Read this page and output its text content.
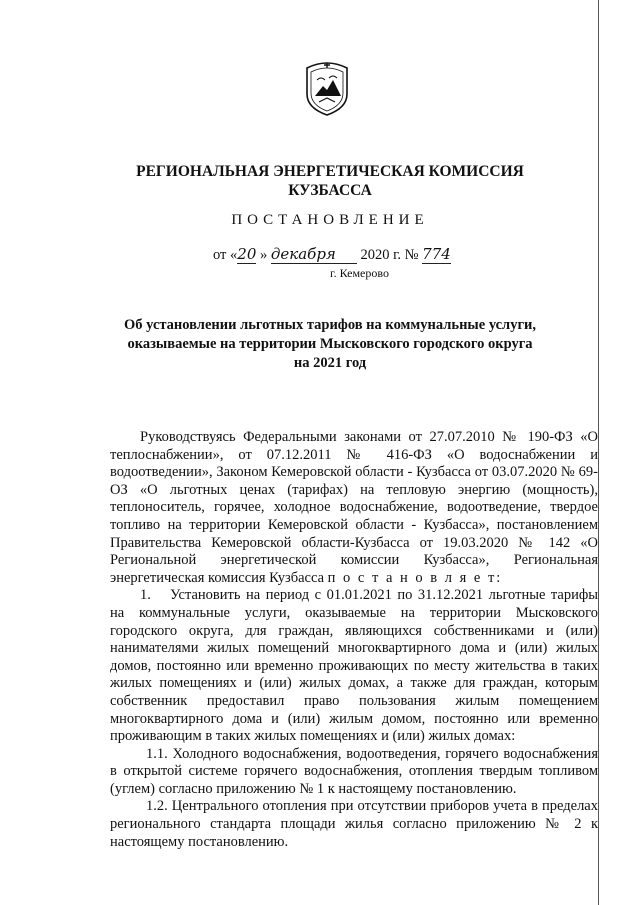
РЕГИОНАЛЬНАЯ ЭНЕРГЕТИЧЕСКАЯ КОМИССИЯ
КУЗБАССА
ПОСТАНОВЛЕНИЕ
от «20 » декабря 2020 г. № 774
г. Кемерово
Об установлении льготных тарифов на коммунальные услуги,
оказываемые на территории Мысковского городского округа
на 2021 год

Руководствуясь Федеральными законами от 27.07.2010 № 190-ФЗ «О теплоснабжении», от 07.12.2011 № 416-ФЗ «О водоснабжении и водоотведении», Законом Кемеровской области - Кузбасса от 03.07.2020 № 69-ОЗ «О льготных ценах (тарифах) на тепловую энергию (мощность), теплоноситель, горячее, холодное водоснабжение, водоотведение, твердое топливо на территории Кемеровской области - Кузбасса», постановлением Правительства Кемеровской области-Кузбасса от 19.03.2020 № 142 «О Региональной энергетической комиссии Кузбасса», Региональная энергетическая комиссия Кузбасса п о с т а н о в л я е т:

1. Установить на период с 01.01.2021 по 31.12.2021 льготные тарифы на коммунальные услуги, оказываемые на территории Мысковского городского округа, для граждан, являющихся собственниками и (или) нанимателями жилых помещений многоквартирного дома и (или) жилых домов, постоянно или временно проживающих по месту жительства в таких жилых помещениях и (или) жилых домах, а также для граждан, которым собственник предоставил право пользования жилым помещением многоквартирного дома и (или) жилым домом, постоянно или временно проживающим в таких жилых помещениях и (или) жилых домах:

1.1. Холодного водоснабжения, водоотведения, горячего водоснабжения в открытой системе горячего водоснабжения, отопления твердым топливом (углем) согласно приложению № 1 к настоящему постановлению.

1.2. Центрального отопления при отсутствии приборов учета в пределах регионального стандарта площади жилья согласно приложению № 2 к настоящему постановлению.
